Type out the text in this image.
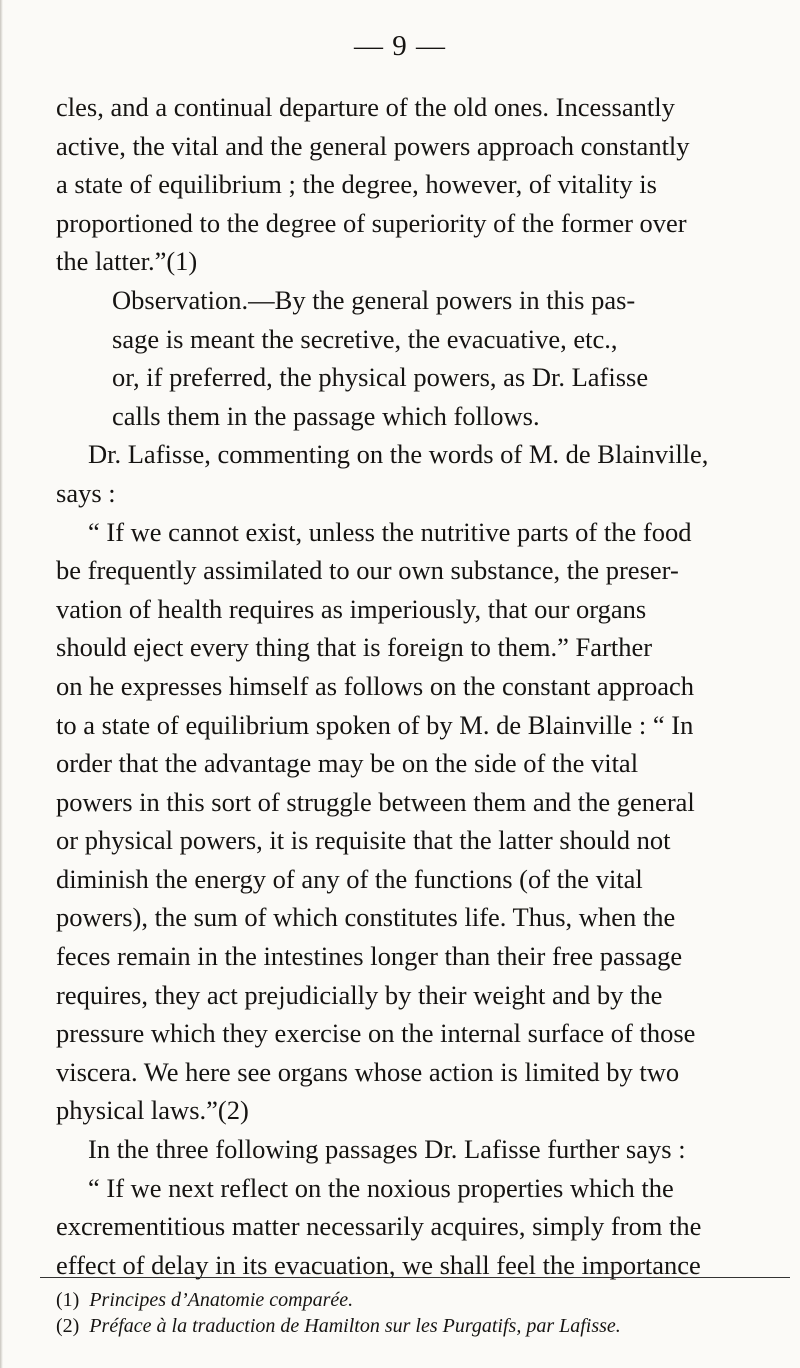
— 9 —
cles, and a continual departure of the old ones. Incessantly
active, the vital and the general powers approach constantly
a state of equilibrium ; the degree, however, of vitality is
proportioned to the degree of superiority of the former over
the latter.”(1)
Observation.—By the general powers in this pas-
sage is meant the secretive, the evacuative, etc.,
or, if preferred, the physical powers, as Dr. Lafisse
calls them in the passage which follows.
Dr. Lafisse, commenting on the words of M. de Blainville,
says :
“ If we cannot exist, unless the nutritive parts of the food
be frequently assimilated to our own substance, the preser-
vation of health requires as imperiously, that our organs
should eject every thing that is foreign to them.” Farther
on he expresses himself as follows on the constant approach
to a state of equilibrium spoken of by M. de Blainville : “ In
order that the advantage may be on the side of the vital
powers in this sort of struggle between them and the general
or physical powers, it is requisite that the latter should not
diminish the energy of any of the functions (of the vital
powers), the sum of which constitutes life. Thus, when the
feces remain in the intestines longer than their free passage
requires, they act prejudicially by their weight and by the
pressure which they exercise on the internal surface of those
viscera. We here see organs whose action is limited by two
physical laws.”(2)
In the three following passages Dr. Lafisse further says :
“ If we next reflect on the noxious properties which the
excrementitious matter necessarily acquires, simply from the
effect of delay in its evacuation, we shall feel the importance
(1) Principes d’Anatomie comparée.
(2) Préface à la traduction de Hamilton sur les Purgatifs, par Lafisse.
